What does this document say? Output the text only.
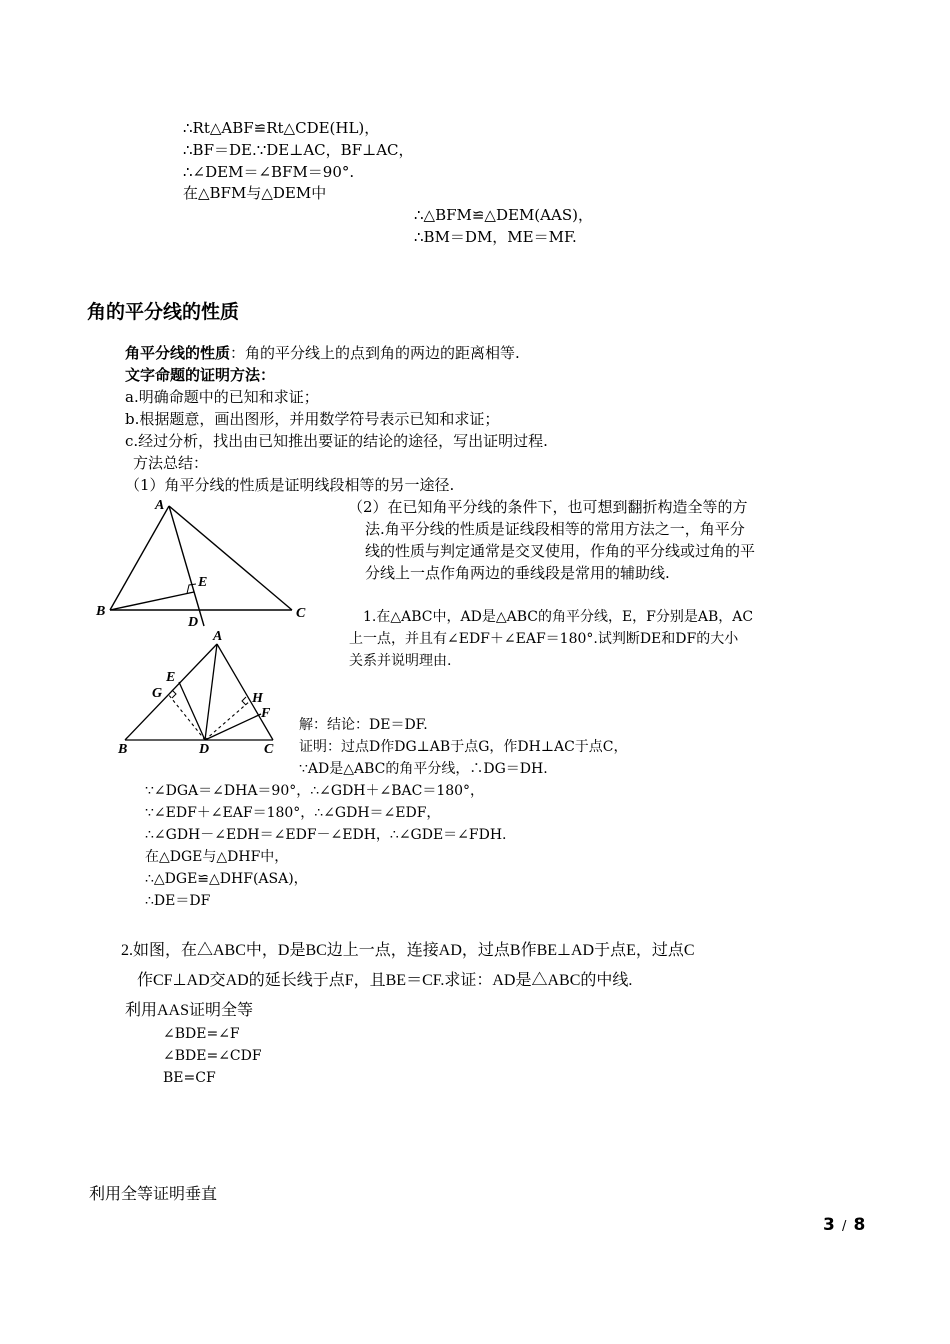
∴Rt△ABF≌Rt△CDE(HL)，
∴BF＝DE.∵DE⊥AC，BF⊥AC，
∴∠DEM＝∠BFM＝90°.
在△BFM与△DEM中
∴△BFM≌△DEM(AAS)，
∴BM＝DM，ME＝MF.
角的平分线的性质
角平分线的性质：角的平分线上的点到角的两边的距离相等.
文字命题的证明方法：
a.明确命题中的已知和求证；
b.根据题意，画出图形，并用数学符号表示已知和求证；
c.经过分析，找出由已知推出要证的结论的途径，写出证明过程.
方法总结：
（1）角平分线的性质是证明线段相等的另一途径.
（2）在已知角平分线的条件下，也可想到翻折构造全等的方
法.角平分线的性质是证线段相等的常用方法之一，角平分
线的性质与判定通常是交叉使用，作角的平分线或过角的平
分线上一点作角两边的垂线段是常用的辅助线.
A
B	C
D
E
1.在△ABC中，AD是△ABC的角平分线，E，F分别是AB，AC
上一点，并且有∠EDF＋∠EAF＝180°.试判断DE和DF的大小
关系并说明理由.
A
B	C
D
E
F
G	H
解：结论：DE＝DF.
证明：过点D作DG⊥AB于点G，作DH⊥AC于点C，
∵AD是△ABC的角平分线，∴DG＝DH.
∵∠DGA＝∠DHA＝90°，∴∠GDH＋∠BAC＝180°，
∵∠EDF＋∠EAF＝180°，∴∠GDH＝∠EDF，
∴∠GDH－∠EDH＝∠EDF－∠EDH，∴∠GDE＝∠FDH.
在△DGE与△DHF中，
∴△DGE≌△DHF(ASA)，
∴DE＝DF
2.如图，在△ABC中，D是BC边上一点，连接AD，过点B作BE⊥AD于点E，过点C
作CF⊥AD交AD的延长线于点F，且BE＝CF.求证：AD是△ABC的中线.
利用AAS证明全等
∠BDE=∠F
∠BDE=∠CDF
BE=CF
利用全等证明垂直
3 / 8
